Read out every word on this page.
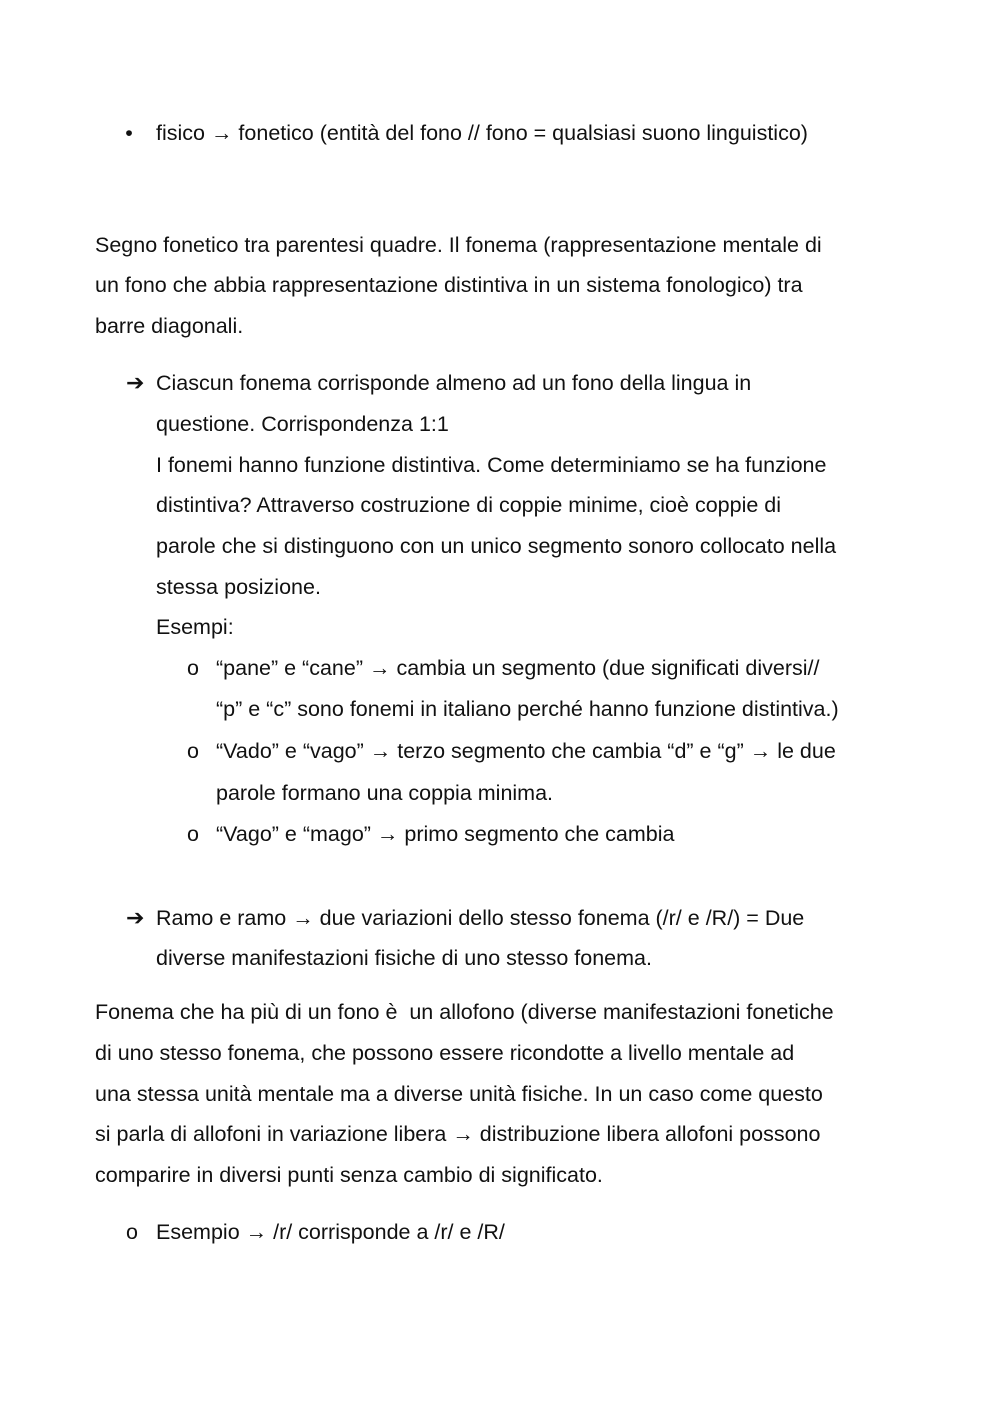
• fisico → fonetico (entità del fono // fono = qualsiasi suono linguistico)
Segno fonetico tra parentesi quadre. Il fonema (rappresentazione mentale di
un fono che abbia rappresentazione distintiva in un sistema fonologico) tra
barre diagonali.
➔ Ciascun fonema corrisponde almeno ad un fono della lingua in
questione. Corrispondenza 1:1
I fonemi hanno funzione distintiva. Come determiniamo se ha funzione
distintiva? Attraverso costruzione di coppie minime, cioè coppie di
parole che si distinguono con un unico segmento sonoro collocato nella
stessa posizione.
Esempi:
o “pane” e “cane” → cambia un segmento (due significati diversi//
“p” e “c” sono fonemi in italiano perché hanno funzione distintiva.)
o “Vado” e “vago” → terzo segmento che cambia “d” e “g” → le due
parole formano una coppia minima.
o “Vago” e “mago” → primo segmento che cambia
➔ Ramo e ramo → due variazioni dello stesso fonema (/r/ e /R/) = Due
diverse manifestazioni fisiche di uno stesso fonema.
Fonema che ha più di un fono è  un allofono (diverse manifestazioni fonetiche
di uno stesso fonema, che possono essere ricondotte a livello mentale ad
una stessa unità mentale ma a diverse unità fisiche. In un caso come questo
si parla di allofoni in variazione libera → distribuzione libera allofoni possono
comparire in diversi punti senza cambio di significato.
o Esempio → /r/ corrisponde a /r/ e /R/
